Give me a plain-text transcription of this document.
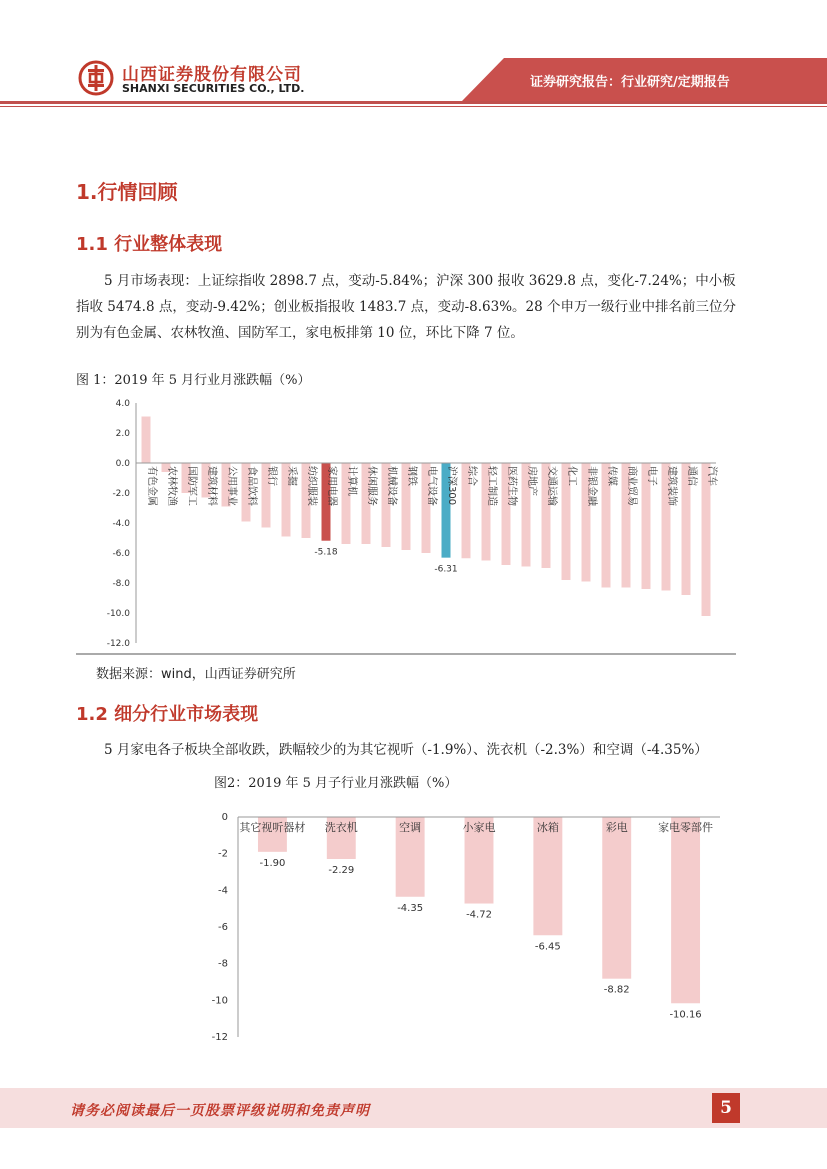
山西证券股份有限公司
SHANXI SECURITIES CO., LTD.	证券研究报告：行业研究/定期报告
1.行情回顾
1.1 行业整体表现
5 月市场表现：上证综指收 2898.7 点，变动-5.84%；沪深 300 报收 3629.8 点，变化-7.24%；中小板指收 5474.8 点，变动-9.42%；创业板指报收 1483.7 点，变动-8.63%。28 个申万一级行业中排名前三位分别为有色金属、农林牧渔、国防军工，家电板排第 10 位，环比下降 7 位。
图 1：2019 年 5 月行业月涨跌幅（%）
4.0
2.0
0.0
-2.0
-4.0
-6.0
-8.0
-10.0
-12.0
有色金属 农林牧渔 国防军工 建筑材料 公用事业 食品饮料 银行 采掘 纺织服装 家用电器
-5.18
计算机 休闲服务 机械设备 钢铁 电气设备 沪深300
-6.31
综合 轻工制造 医药生物 房地产 交通运输 化工 非银金融 传媒 商业贸易 电子 建筑装饰 通信 汽车
数据来源：wind，山西证券研究所
1.2 细分行业市场表现
5 月家电各子板块全部收跌，跌幅较少的为其它视听（-1.9%）、洗衣机（-2.3%）和空调（-4.35%）
图2：2019 年 5 月子行业月涨跌幅（%）
0
-2
-4
-6
-8
-10
-12
其它视听器材
-1.90
洗衣机
-2.29
空调
-4.35
小家电
-4.72
冰箱
-6.45
彩电
-8.82
家电零部件
-10.16
请务必阅读最后一页股票评级说明和免责声明	5
